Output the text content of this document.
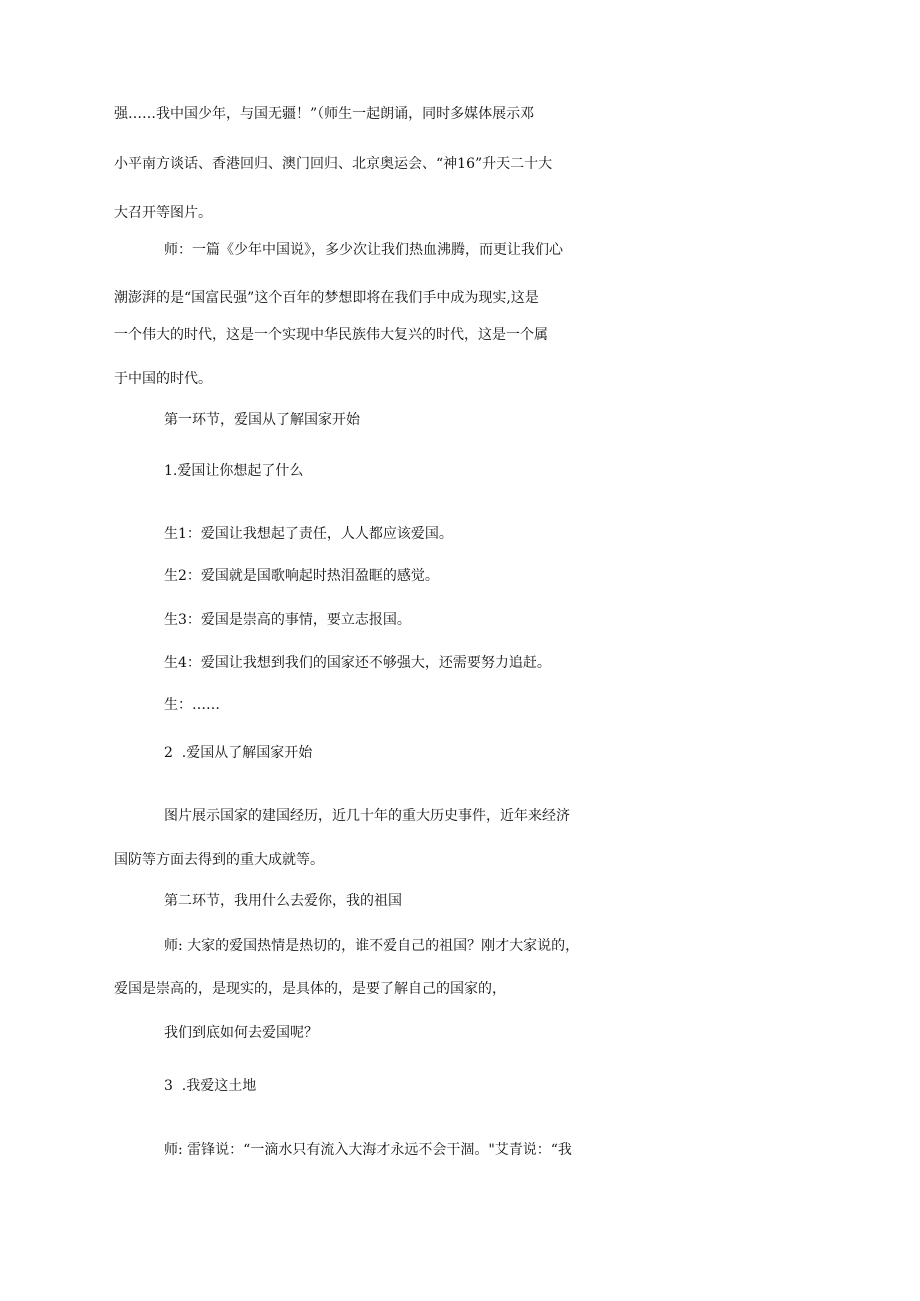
强……我中国少年，与国无疆！”（师生一起朗诵，同时多媒体展示邓

小平南方谈话、香港回归、澳门回归、北京奥运会、“神16”升天二十大

大召开等图片。

师：一篇《少年中国说》，多少次让我们热血沸腾，而更让我们心

潮澎湃的是“国富民强”这个百年的梦想即将在我们手中成为现实,这是

一个伟大的时代，这是一个实现中华民族伟大复兴的时代，这是一个属

于中国的时代。

第一环节，爱国从了解国家开始

1.爱国让你想起了什么

生1：爱国让我想起了责任，人人都应该爱国。

生2：爱国就是国歌响起时热泪盈眶的感觉。

生3：爱国是崇高的事情，要立志报国。

生4：爱国让我想到我们的国家还不够强大，还需要努力追赶。

生：……

2  .爱国从了解国家开始

图片展示国家的建国经历，近几十年的重大历史事件，近年来经济

国防等方面去得到的重大成就等。

第二环节，我用什么去爱你，我的祖国

师: 大家的爱国热情是热切的，谁不爱自己的祖国？刚才大家说的，

爱国是崇高的，是现实的，是具体的，是要了解自己的国家的，

我们到底如何去爱国呢？

3  .我爱这土地

师: 雷锋说：“一滴水只有流入大海才永远不会干涸。"艾青说：“我
